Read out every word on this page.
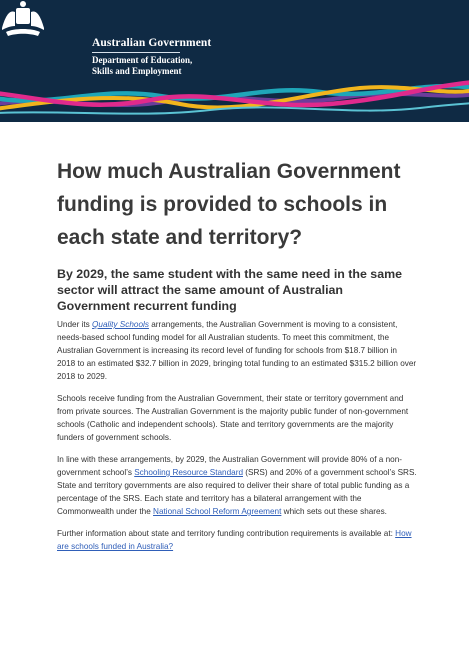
Australian Government
Department of Education,
Skills and Employment
How much Australian Government funding is provided to schools in each state and territory?
By 2029, the same student with the same need in the same sector will attract the same amount of Australian Government recurrent funding

Under its Quality Schools arrangements, the Australian Government is moving to a consistent, needs-based school funding model for all Australian students. To meet this commitment, the Australian Government is increasing its record level of funding for schools from $18.7 billion in 2018 to an estimated $32.7 billion in 2029, bringing total funding to an estimated $315.2 billion over 2018 to 2029.

Schools receive funding from the Australian Government, their state or territory government and from private sources. The Australian Government is the majority public funder of non-government schools (Catholic and independent schools). State and territory governments are the majority funders of government schools.

In line with these arrangements, by 2029, the Australian Government will provide 80% of a non-government school’s Schooling Resource Standard (SRS) and 20% of a government school’s SRS. State and territory governments are also required to deliver their share of total public funding as a percentage of the SRS. Each state and territory has a bilateral arrangement with the Commonwealth under the National School Reform Agreement which sets out these shares.

Further information about state and territory funding contribution requirements is available at: How are schools funded in Australia?
